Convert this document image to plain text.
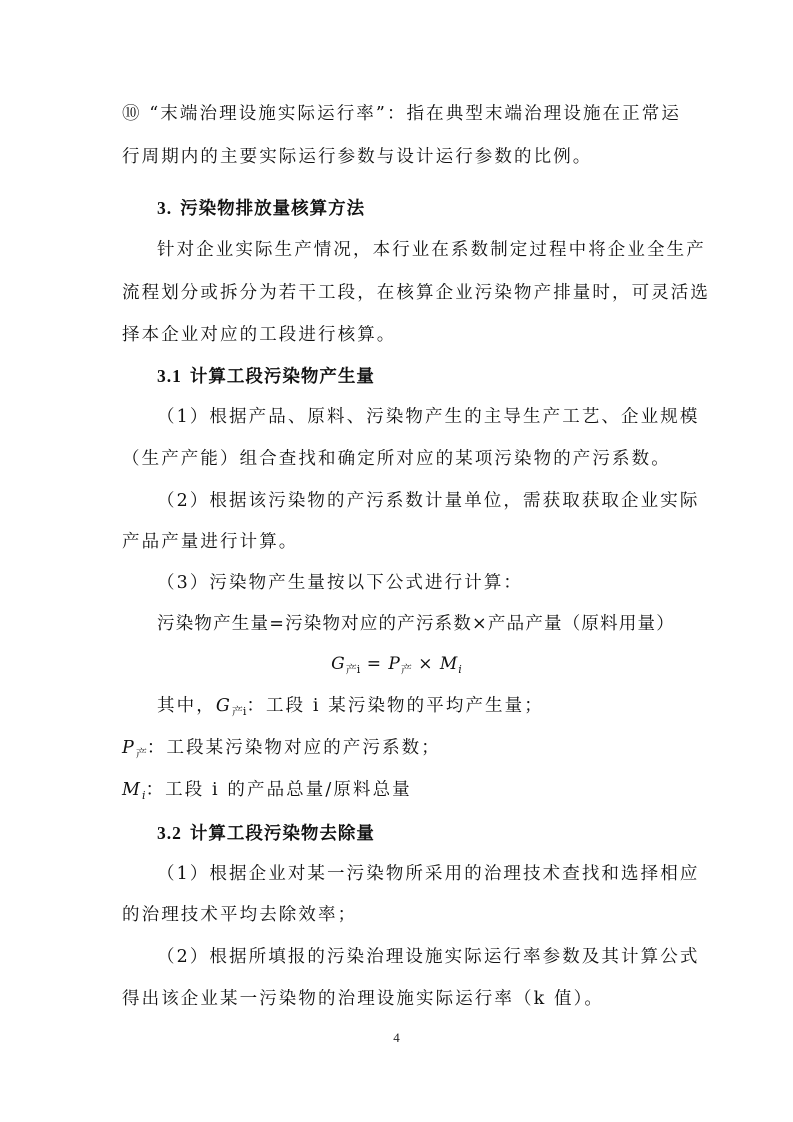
⑩ “末端治理设施实际运行率”：指在典型末端治理设施在正常运
行周期内的主要实际运行参数与设计运行参数的比例。
3. 污染物排放量核算方法
针对企业实际生产情况，本行业在系数制定过程中将企业全生产
流程划分或拆分为若干工段，在核算企业污染物产排量时，可灵活选
择本企业对应的工段进行核算。
3.1 计算工段污染物产生量
（1）根据产品、原料、污染物产生的主导生产工艺、企业规模
（生产产能）组合查找和确定所对应的某项污染物的产污系数。
（2）根据该污染物的产污系数计量单位，需获取获取企业实际
产品产量进行计算。
（3）污染物产生量按以下公式进行计算：
污染物产生量=污染物对应的产污系数×产品产量（原料用量）
$G_{产i} = P_产 \times M_i$
其中，$G_{产i}$：工段 i 某污染物的平均产生量；
$P_产$：工段某污染物对应的产污系数；
$M_i$：工段 i 的产品总量/原料总量
3.2 计算工段污染物去除量
（1）根据企业对某一污染物所采用的治理技术查找和选择相应
的治理技术平均去除效率；
（2）根据所填报的污染治理设施实际运行率参数及其计算公式
得出该企业某一污染物的治理设施实际运行率（k 值）。
4
